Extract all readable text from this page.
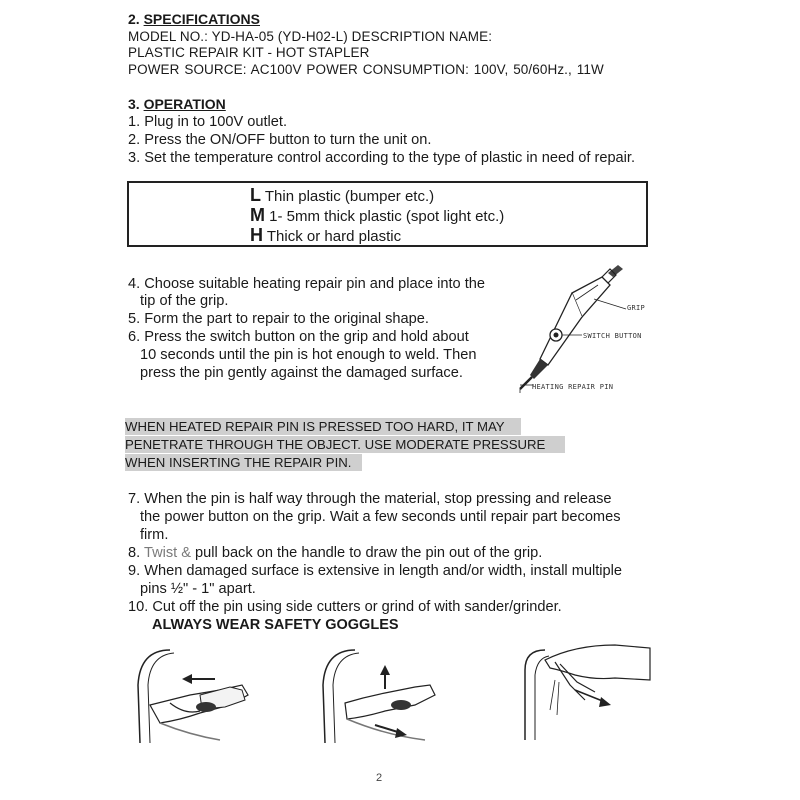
2. SPECIFICATIONS
MODEL NO.: YD-HA-05 (YD-H02-L) DESCRIPTION NAME:
PLASTIC REPAIR KIT - HOT STAPLER
POWER SOURCE: AC100V POWER CONSUMPTION: 100V, 50/60Hz., 11W
3. OPERATION
1. Plug in to 100V outlet.
2. Press the ON/OFF button to turn the unit on.
3. Set the temperature control according to the type of plastic in need of repair.
L Thin plastic (bumper etc.)
M 1- 5mm thick plastic (spot light etc.)
H Thick or hard plastic
4. Choose suitable heating repair pin and place into the
tip of the grip.
5. Form the part to repair to the original shape.
6. Press the switch button on the grip and hold about
10 seconds until the pin is hot enough to weld. Then
press the pin gently against the damaged surface.
GRIP
SWITCH BUTTON
HEATING REPAIR PIN
WHEN HEATED REPAIR PIN IS PRESSED TOO HARD, IT MAY
PENETRATE THROUGH THE OBJECT. USE MODERATE PRESSURE
WHEN INSERTING THE REPAIR PIN.
7. When the pin is half way through the material, stop pressing and release
the power button on the grip. Wait a few seconds until repair part becomes
firm.
8. Twist & pull back on the handle to draw the pin out of the grip.
9. When damaged surface is extensive in length and/or width, install multiple
pins ½" - 1" apart.
10. Cut off the pin using side cutters or grind of with sander/grinder.
ALWAYS WEAR SAFETY GOGGLES
2
